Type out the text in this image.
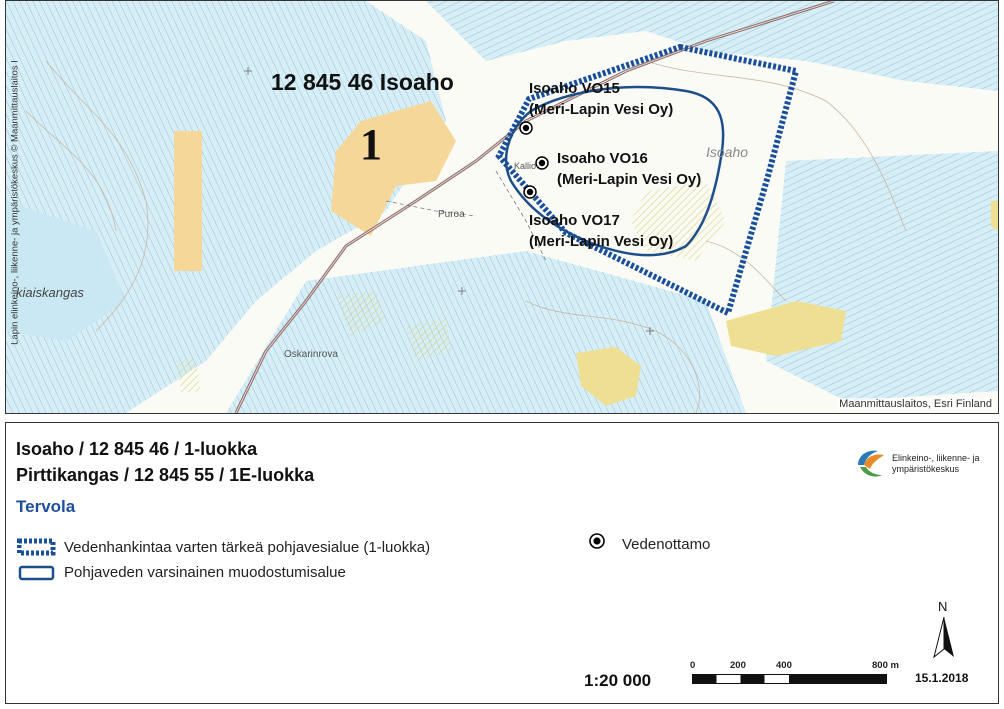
12 845 46 Isoaho
1
Isoaho VO15
(Meri-Lapin Vesi Oy)
Isoaho VO16
(Meri-Lapin Vesi Oy)
Isoaho VO17
(Meri-Lapin Vesi Oy)
Isoaho
Puroa
Kallio-
kiaiskangas
Oskarinrova
Maanmittauslaitos, Esri Finland
Lapin elinkeino-, liikenne- ja ympäristökeskus © Maanmittauslaitos I
Isoaho / 12 845 46 / 1-luokka
Pirttikangas / 12 845 55 / 1E-luokka
Tervola
Elinkeino-, liikenne- ja
ympäristökeskus
Vedenhankintaa varten tärkeä pohjavesialue (1-luokka)
Pohjaveden varsinainen muodostumisalue
Vedenottamo
N
1:20 000
0	200	400	800 m
15.1.2018
